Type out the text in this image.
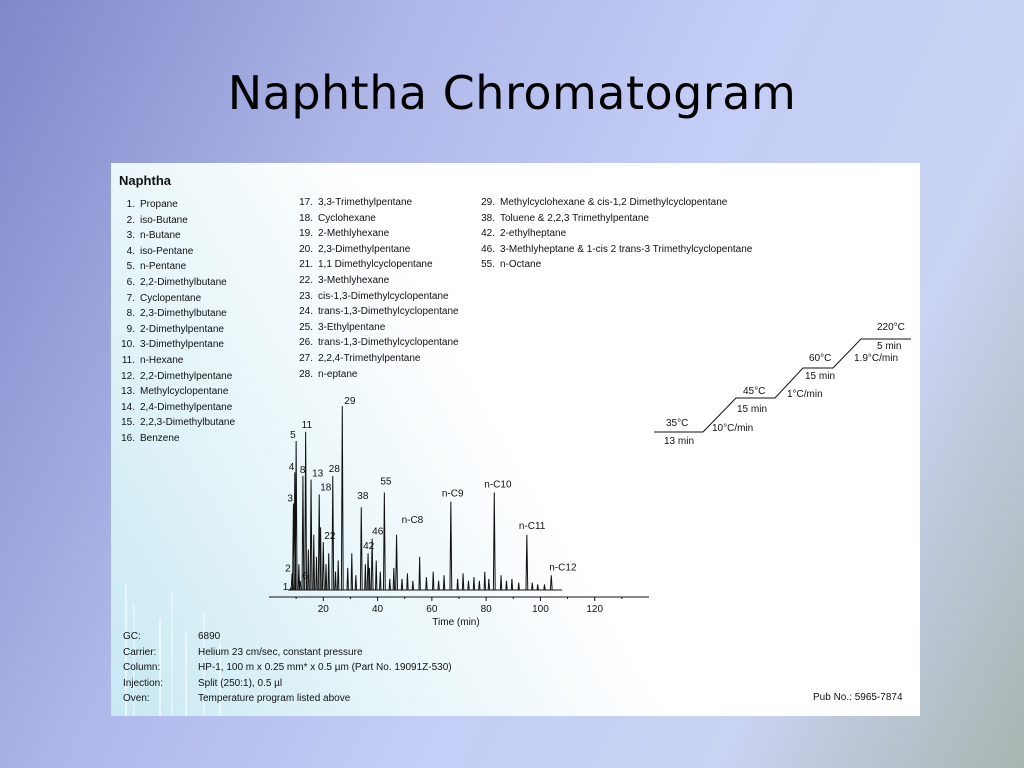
Naphtha Chromatogram
Naphtha
20	40	60	80	100	120
1
2
3
4
5
6
8
11
13
18
22
28
29
38
42
46
55
n-C8
n-C9
n-C10
n-C11
n-C12
Time (min)
35°C
13 min
45°C
15 min
60°C
15 min
220°C
5 min
10°C/min
1°C/min
1.9°C/min
Pub No.: 5965-7874
1. Propane
2. iso-Butane
3. n-Butane
4. iso-Pentane
5. n-Pentane
6. 2,2-Dimethylbutane
7. Cyclopentane
8. 2,3-Dimethylbutane
9. 2-Dimethylpentane
10. 3-Dimethylpentane
11. n-Hexane
12. 2,2-Dimethylpentane
13. Methylcyclopentane
14. 2,4-Dimethylpentane
15. 2,2,3-Dimethylbutane
16. Benzene
17. 3,3-Trimethylpentane
18. Cyclohexane
19. 2-Methlyhexane
20. 2,3-Dimethylpentane
21. 1,1 Dimethylcyclopentane
22. 3-Methlyhexane
23. cis-1,3-Dimethylcyclopentane
24. trans-1,3-Dimethylcyclopentane
25. 3-Ethylpentane
26. trans-1,3-Dimethylcyclopentane
27. 2,2,4-Trimethylpentane
28. n-eptane
29. Methylcyclohexane & cis-1,2 Dimethylcyclopentane
38. Toluene & 2,2,3 Trimethylpentane
42. 2-ethylheptane
46. 3-Methlyheptane & 1-cis 2 trans-3 Trimethylcyclopentane
55. n-Octane
GC:	6890
Carrier:	Helium 23 cm/sec, constant pressure
Column:	HP-1, 100 m x 0.25 mm* x 0.5 µm (Part No. 19091Z-530)
Injection:	Split (250:1), 0.5 µl
Oven:	Temperature program listed above
